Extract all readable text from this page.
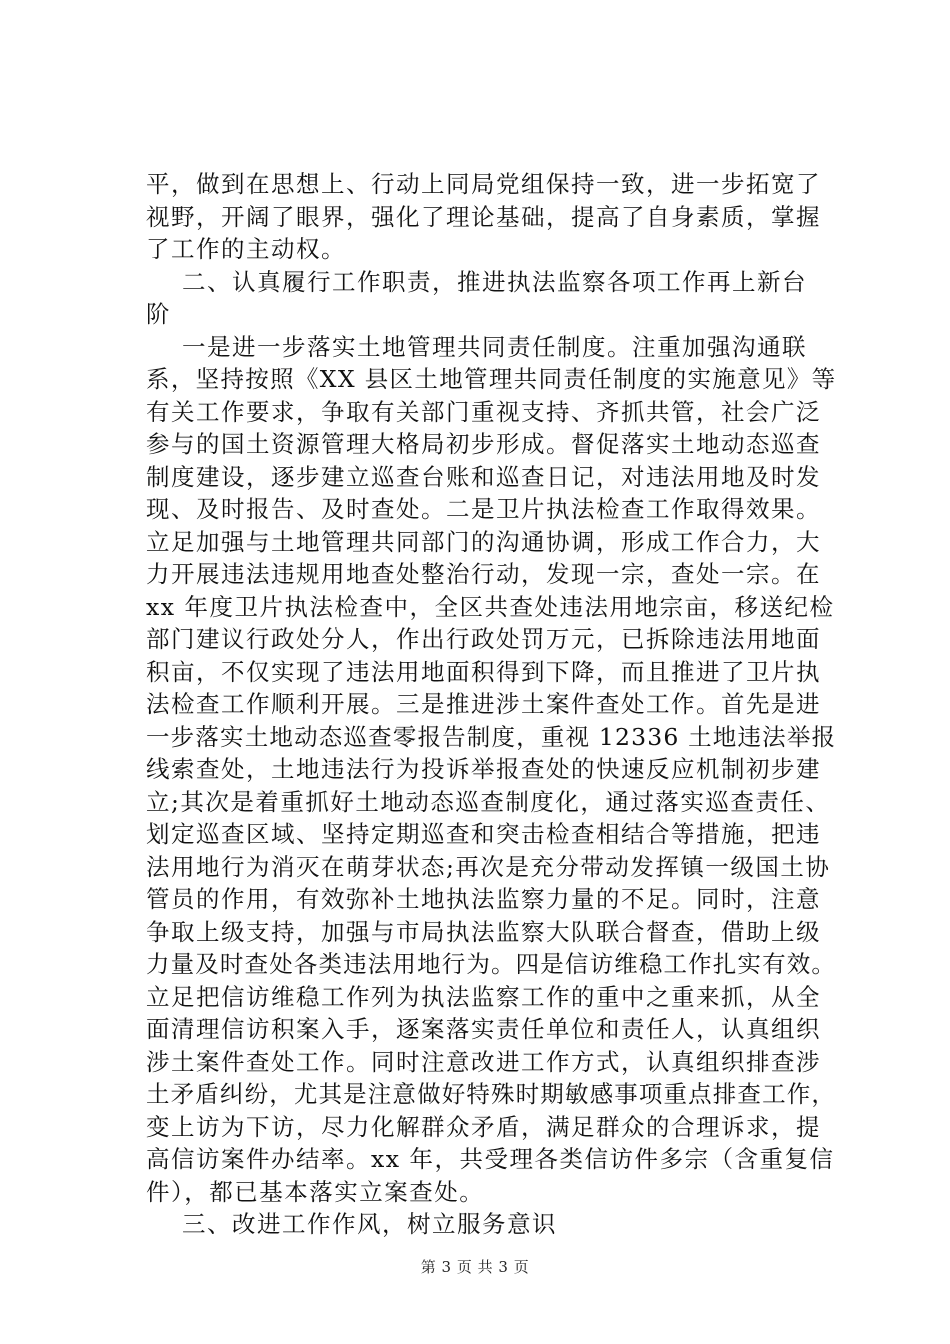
平，做到在思想上、行动上同局党组保持一致，进一步拓宽了
视野，开阔了眼界，强化了理论基础，提高了自身素质，掌握
了工作的主动权。
二、认真履行工作职责，推进执法监察各项工作再上新台
阶
一是进一步落实土地管理共同责任制度。注重加强沟通联
系，坚持按照《XX 县区土地管理共同责任制度的实施意见》等
有关工作要求，争取有关部门重视支持、齐抓共管，社会广泛
参与的国土资源管理大格局初步形成。督促落实土地动态巡查
制度建设，逐步建立巡查台账和巡查日记，对违法用地及时发
现、及时报告、及时查处。二是卫片执法检查工作取得效果。
立足加强与土地管理共同部门的沟通协调，形成工作合力，大
力开展违法违规用地查处整治行动，发现一宗，查处一宗。在
xx 年度卫片执法检查中，全区共查处违法用地宗亩，移送纪检
部门建议行政处分人，作出行政处罚万元，已拆除违法用地面
积亩，不仅实现了违法用地面积得到下降，而且推进了卫片执
法检查工作顺利开展。三是推进涉土案件查处工作。首先是进
一步落实土地动态巡查零报告制度，重视 12336 土地违法举报
线索查处，土地违法行为投诉举报查处的快速反应机制初步建
立;其次是着重抓好土地动态巡查制度化，通过落实巡查责任、
划定巡查区域、坚持定期巡查和突击检查相结合等措施，把违
法用地行为消灭在萌芽状态;再次是充分带动发挥镇一级国土协
管员的作用，有效弥补土地执法监察力量的不足。同时，注意
争取上级支持，加强与市局执法监察大队联合督查，借助上级
力量及时查处各类违法用地行为。四是信访维稳工作扎实有效。
立足把信访维稳工作列为执法监察工作的重中之重来抓，从全
面清理信访积案入手，逐案落实责任单位和责任人，认真组织
涉土案件查处工作。同时注意改进工作方式，认真组织排查涉
土矛盾纠纷，尤其是注意做好特殊时期敏感事项重点排查工作，
变上访为下访，尽力化解群众矛盾，满足群众的合理诉求，提
高信访案件办结率。xx 年，共受理各类信访件多宗（含重复信
件），都已基本落实立案查处。
三、改进工作作风，树立服务意识
第 3 页 共 3 页
